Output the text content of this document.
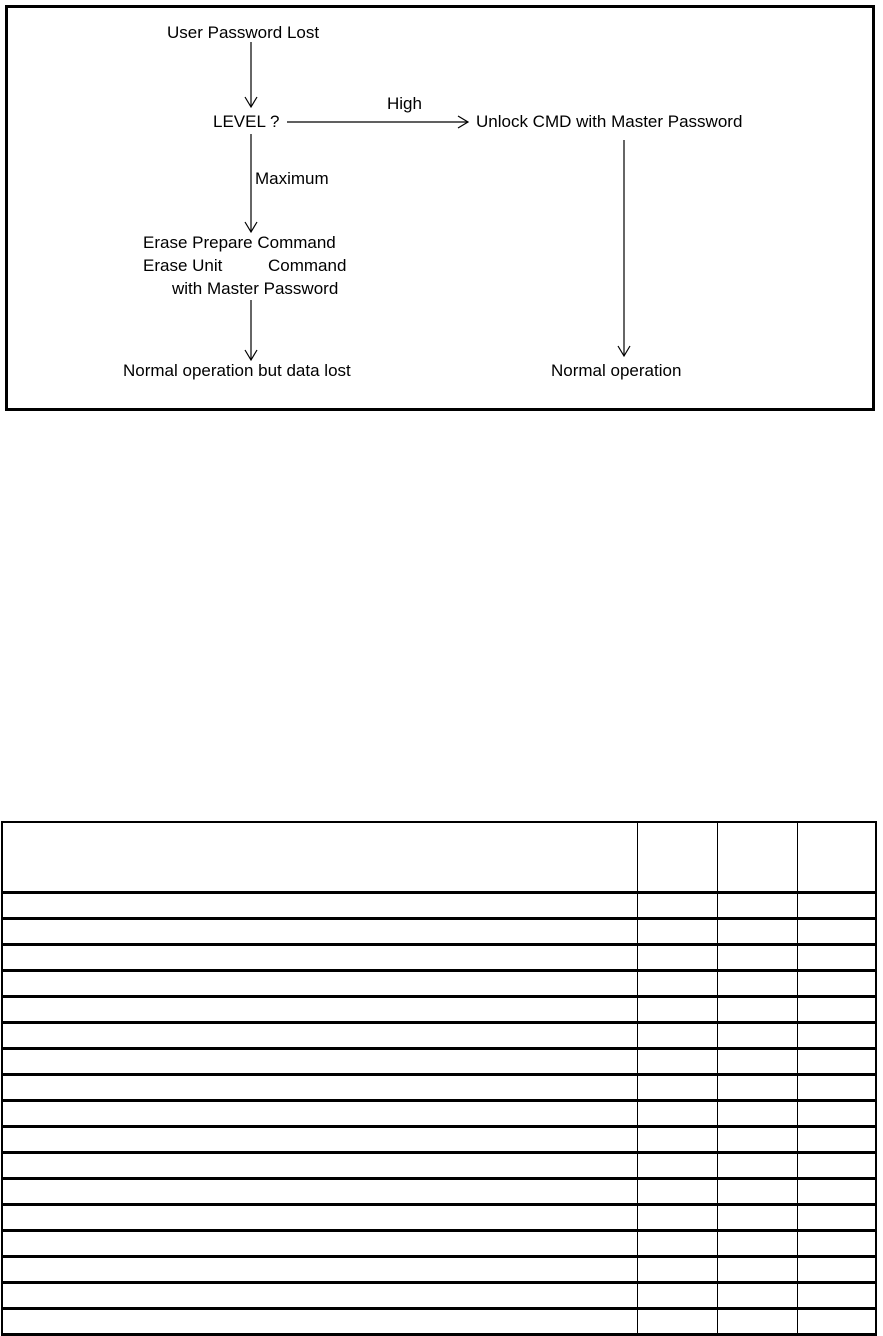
User Password Lost
LEVEL ?
High
Unlock CMD with Master Password
Maximum
Erase Prepare Command
Erase Unit	Command
with Master Password
Normal operation but data lost	Normal operation
